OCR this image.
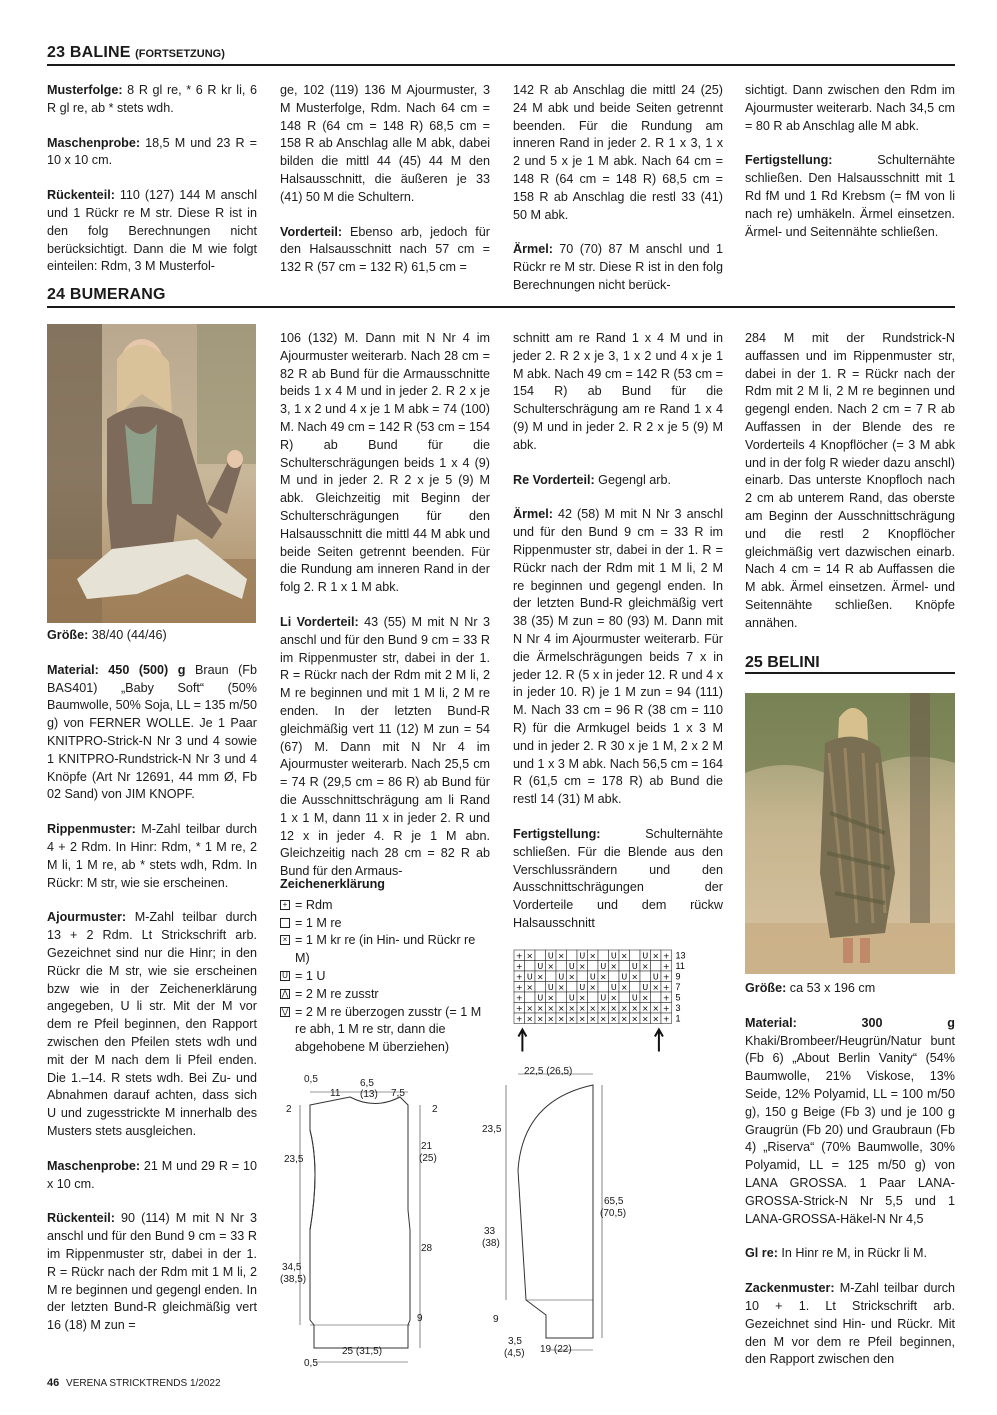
23 BALINE (FORTSETZUNG)

Musterfolge: 8 R gl re, * 6 R kr li, 6 R gl re, ab * stets wdh.

Maschenprobe: 18,5 M und 23 R = 10 x 10 cm.

Rückenteil: 110 (127) 144 M anschl und 1 Rückr re M str. Diese R ist in den folg Berechnungen nicht berücksichtigt. Dann die M wie folgt einteilen: Rdm, 3 M Musterfol-

ge, 102 (119) 136 M Ajourmuster, 3 M Musterfolge, Rdm. Nach 64 cm = 148 R (64 cm = 148 R) 68,5 cm = 158 R ab Anschlag alle M abk, dabei bilden die mittl 44 (45) 44 M den Halsausschnitt, die äußeren je 33 (41) 50 M die Schultern.

Vorderteil: Ebenso arb, jedoch für den Halsausschnitt nach 57 cm = 132 R (57 cm = 132 R) 61,5 cm =

142 R ab Anschlag die mittl 24 (25) 24 M abk und beide Seiten getrennt beenden. Für die Rundung am inneren Rand in jeder 2. R 1 x 3, 1 x 2 und 5 x je 1 M abk. Nach 64 cm = 148 R (64 cm = 148 R) 68,5 cm = 158 R ab Anschlag die restl 33 (41) 50 M abk.

Ärmel: 70 (70) 87 M anschl und 1 Rückr re M str. Diese R ist in den folg Berechnungen nicht berück-

sichtigt. Dann zwischen den Rdm im Ajourmuster weiterarb. Nach 34,5 cm = 80 R ab Anschlag alle M abk.

Fertigstellung: Schulternähte schließen. Den Halsausschnitt mit 1 Rd fM und 1 Rd Krebsm (= fM von li nach re) umhäkeln. Ärmel einsetzen. Ärmel- und Seitennähte schließen.

24 BUMERANG

Größe: 38/40 (44/46)

Material: 450 (500) g Braun (Fb BAS401) „Baby Soft“ (50% Baumwolle, 50% Soja, LL = 135 m/50 g) von FERNER WOLLE. Je 1 Paar KNITPRO-Strick-N Nr 3 und 4 sowie 1 KNITPRO-Rundstrick-N Nr 3 und 4 Knöpfe (Art Nr 12691, 44 mm Ø, Fb 02 Sand) von JIM KNOPF.

Rippenmuster: M-Zahl teilbar durch 4 + 2 Rdm. In Hinr: Rdm, * 1 M re, 2 M li, 1 M re, ab * stets wdh, Rdm. In Rückr: M str, wie sie erscheinen.

Ajourmuster: M-Zahl teilbar durch 13 + 2 Rdm. Lt Strickschrift arb. Gezeichnet sind nur die Hinr; in den Rückr die M str, wie sie erscheinen bzw wie in der Zeichenerklärung angegeben, U li str. Mit der M vor dem re Pfeil beginnen, den Rapport zwischen den Pfeilen stets wdh und mit der M nach dem li Pfeil enden. Die 1.–14. R stets wdh. Bei Zu- und Abnahmen darauf achten, dass sich U und zugesstrickte M innerhalb des Musters stets ausgleichen.

Maschenprobe: 21 M und 29 R = 10 x 10 cm.

Rückenteil: 90 (114) M mit N Nr 3 anschl und für den Bund 9 cm = 33 R im Rippenmuster str, dabei in der 1. R = Rückr nach der Rdm mit 1 M li, 2 M re beginnen und gegengl enden. In der letzten Bund-R gleichmäßig vert 16 (18) M zun =

106 (132) M. Dann mit N Nr 4 im Ajourmuster weiterarb. Nach 28 cm = 82 R ab Bund für die Armausschnitte beids 1 x 4 M und in jeder 2. R 2 x je 3, 1 x 2 und 4 x je 1 M abk = 74 (100) M. Nach 49 cm = 142 R (53 cm = 154 R) ab Bund für die Schulterschrägungen beids 1 x 4 (9) M und in jeder 2. R 2 x je 5 (9) M abk. Gleichzeitig mit Beginn der Schulterschrägungen für den Halsausschnitt die mittl 44 M abk und beide Seiten getrennt beenden. Für die Rundung am inneren Rand in der folg 2. R 1 x 1 M abk.

Li Vorderteil: 43 (55) M mit N Nr 3 anschl und für den Bund 9 cm = 33 R im Rippenmuster str, dabei in der 1. R = Rückr nach der Rdm mit 2 M li, 2 M re beginnen und mit 1 M li, 2 M re enden. In der letzten Bund-R gleichmäßig vert 11 (12) M zun = 54 (67) M. Dann mit N Nr 4 im Ajourmuster weiterarb. Nach 25,5 cm = 74 R (29,5 cm = 86 R) ab Bund für die Ausschnittschrägung am li Rand 1 x 1 M, dann 11 x in jeder 2. R und 12 x in jeder 4. R je 1 M abn. Gleichzeitig nach 28 cm = 82 R ab Bund für den Armaus-

Zeichenerklärung
+ = Rdm
= 1 M re
× = 1 M kr re (in Hin- und Rückr re M)
U = 1 U
⋀ = 2 M re zusstr
⋁ = 2 M re überzogen zusstr (= 1 M re abh, 1 M re str, dann die abgehobene M überziehen)

schnitt am re Rand 1 x 4 M und in jeder 2. R 2 x je 3, 1 x 2 und 4 x je 1 M abk. Nach 49 cm = 142 R (53 cm = 154 R) ab Bund für die Schulterschrägung am re Rand 1 x 4 (9) M und in jeder 2. R 2 x je 5 (9) M abk.

Re Vorderteil: Gegengl arb.

Ärmel: 42 (58) M mit N Nr 3 anschl und für den Bund 9 cm = 33 R im Rippenmuster str, dabei in der 1. R = Rückr nach der Rdm mit 1 M li, 2 M re beginnen und gegengl enden. In der letzten Bund-R gleichmäßig vert 38 (35) M zun = 80 (93) M. Dann mit N Nr 4 im Ajourmuster weiterarb. Für die Ärmelschrägungen beids 7 x in jeder 12. R (5 x in jeder 12. R und 4 x in jeder 10. R) je 1 M zun = 94 (111) M. Nach 33 cm = 96 R (38 cm = 110 R) für die Armkugel beids 1 x 3 M und in jeder 2. R 30 x je 1 M, 2 x 2 M und 1 x 3 M abk. Nach 56,5 cm = 164 R (61,5 cm = 178 R) ab Bund die restl 14 (31) M abk.

Fertigstellung: Schulternähte schließen. Für die Blende aus den Verschlussrändern und den Ausschnittschrägungen der Vorderteile und dem rückw Halsausschnitt

284 M mit der Rundstrick-N auffassen und im Rippenmuster str, dabei in der 1. R = Rückr nach der Rdm mit 2 M li, 2 M re beginnen und gegengl enden. Nach 2 cm = 7 R ab Auffassen in der Blende des re Vorderteils 4 Knopflöcher (= 3 M abk und in der folg R wieder dazu anschl) einarb. Das unterste Knopfloch nach 2 cm ab unterem Rand, das oberste am Beginn der Ausschnittschrägung und die restl 2 Knopflöcher gleichmäßig vert dazwischen einarb. Nach 4 cm = 14 R ab Auffassen die M abk. Ärmel einsetzen. Ärmel- und Seitennähte schließen. Knöpfe annähen.

+ × U × U × U × U × +
+ U × U × U × U × +
+ U × U × U × U × U +
+ × U × U × U × U × +
+ U × U × U × U × +
+ × × × × × × × × × × × × × +
+ × × × × × × × × × × × × × +
13
11
9
7
5
3
1
0,5
11
6,5
(13) 7,5
2	2
21
(25)
23,5
28
34,5
(38,5)
9
25 (31,5)
0,5
22,5 (26,5)
23,5
33
(38)
65,5
(70,5)
9
3,5
(4,5) 19 (22)
25 BELINI

Größe: ca 53 x 196 cm

Material: 300 g Khaki/Brombeer/Heugrün/Natur bunt (Fb 6) „About Berlin Vanity“ (54% Baumwolle, 21% Viskose, 13% Seide, 12% Polyamid, LL = 100 m/50 g), 150 g Beige (Fb 3) und je 100 g Graugrün (Fb 20) und Graubraun (Fb 4) „Riserva“ (70% Baumwolle, 30% Polyamid, LL = 125 m/50 g) von LANA GROSSA. 1 Paar LANA-GROSSA-Strick-N Nr 5,5 und 1 LANA-GROSSA-Häkel-N Nr 4,5

Gl re: In Hinr re M, in Rückr li M.

Zackenmuster: M-Zahl teilbar durch 10 + 1. Lt Strickschrift arb. Gezeichnet sind Hin- und Rückr. Mit den M vor dem re Pfeil beginnen, den Rapport zwischen den

46 VERENA STRICKTRENDS 1/2022
